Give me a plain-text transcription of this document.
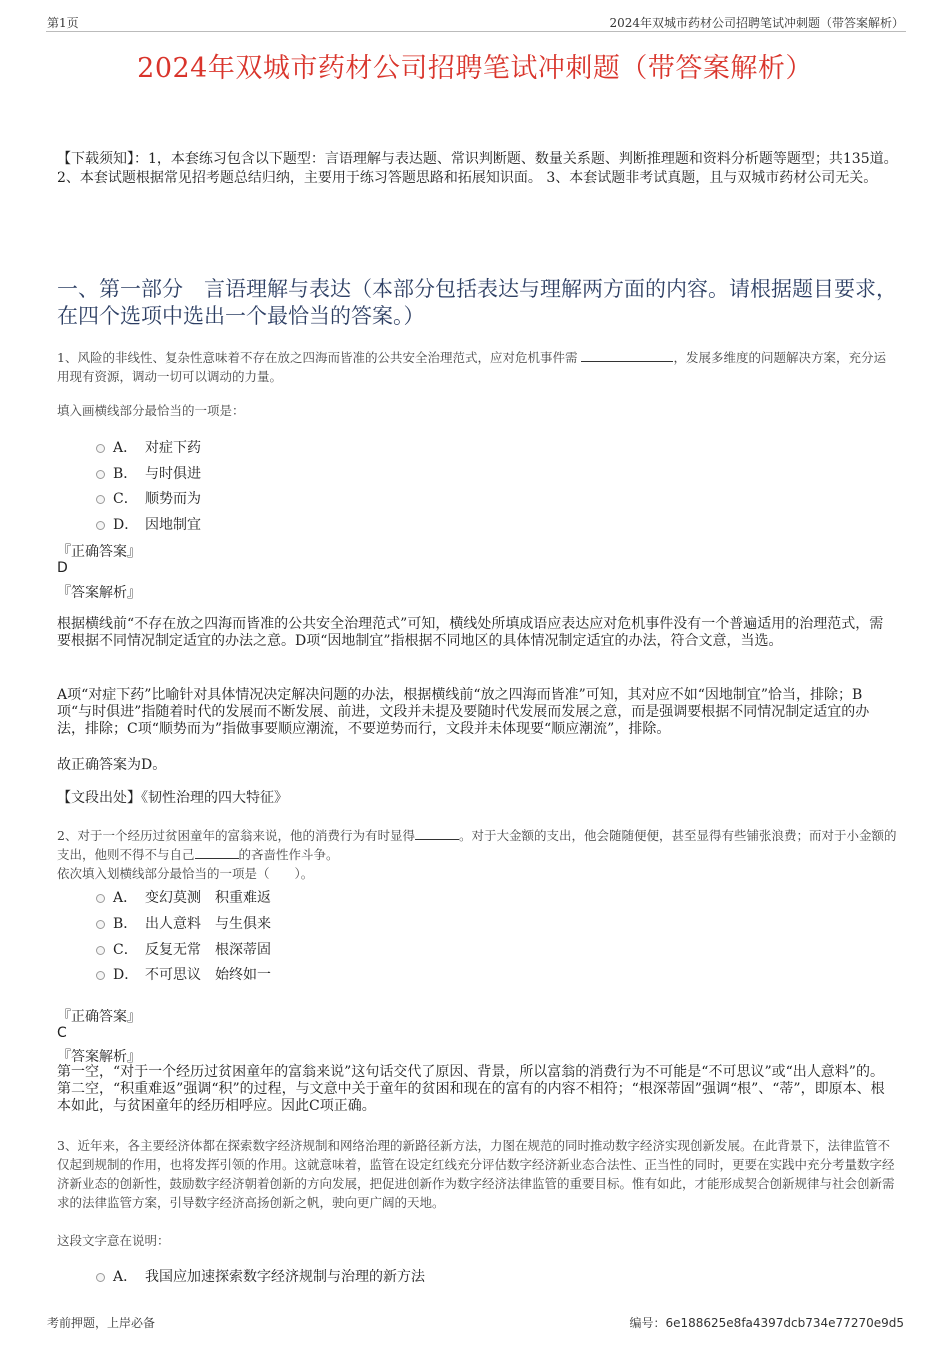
第1页	2024年双城市药材公司招聘笔试冲刺题（带答案解析）
2024年双城市药材公司招聘笔试冲刺题（带答案解析）
【下载须知】：1，本套练习包含以下题型：言语理解与表达题、常识判断题、数量关系题、判断推理题和资料分析题等题型；共135道。 2、本套试题根据常见招考题总结归纳，主要用于练习答题思路和拓展知识面。 3、本套试题非考试真题，且与双城市药材公司无关。
一、第一部分　言语理解与表达（本部分包括表达与理解两方面的内容。请根据题目要求，在四个选项中选出一个最恰当的答案。）
1、风险的非线性、复杂性意味着不存在放之四海而皆准的公共安全治理范式，应对危机事件需	，发展多维度的问题解决方案，充分运用现有资源，调动一切可以调动的力量。
填入画横线部分最恰当的一项是：
A． 对症下药
B． 与时俱进
C． 顺势而为
D． 因地制宜
『正确答案』
D
『答案解析』
根据横线前“不存在放之四海而皆准的公共安全治理范式”可知，横线处所填成语应表达应对危机事件没有一个普遍适用的治理范式，需要根据不同情况制定适宜的办法之意。D项“因地制宜”指根据不同地区的具体情况制定适宜的办法，符合文意，当选。
A项“对症下药”比喻针对具体情况决定解决问题的办法，根据横线前“放之四海而皆准”可知，其对应不如“因地制宜”恰当，排除；B项“与时俱进”指随着时代的发展而不断发展、前进，文段并未提及要随时代发展而发展之意，而是强调要根据不同情况制定适宜的办法，排除；C项“顺势而为”指做事要顺应潮流，不要逆势而行，文段并未体现要“顺应潮流”，排除。
故正确答案为D。
【文段出处】《韧性治理的四大特征》
2、对于一个经历过贫困童年的富翁来说，他的消费行为有时显得	。对于大金额的支出，他会随随便便，甚至显得有些铺张浪费；而对于小金额的支出，他则不得不与自己	的吝啬性作斗争。
依次填入划横线部分最恰当的一项是（　　）。
A． 变幻莫测　积重难返
B． 出人意料　与生俱来
C． 反复无常　根深蒂固
D． 不可思议　始终如一
『正确答案』
C
『答案解析』
第一空，“对于一个经历过贫困童年的富翁来说”这句话交代了原因、背景，所以富翁的消费行为不可能是“不可思议”或“出人意料”的。第二空，“积重难返”强调“积”的过程，与文意中关于童年的贫困和现在的富有的内容不相符；“根深蒂固”强调“根”、“蒂”，即原本、根本如此，与贫困童年的经历相呼应。因此C项正确。
3、近年来，各主要经济体都在探索数字经济规制和网络治理的新路径新方法，力图在规范的同时推动数字经济实现创新发展。在此背景下，法律监管不仅起到规制的作用，也将发挥引领的作用。这就意味着，监管在设定红线充分评估数字经济新业态合法性、正当性的同时，更要在实践中充分考量数字经济新业态的创新性，鼓励数字经济朝着创新的方向发展，把促进创新作为数字经济法律监管的重要目标。惟有如此，才能形成契合创新规律与社会创新需求的法律监管方案，引导数字经济高扬创新之帆，驶向更广阔的天地。
这段文字意在说明：
A． 我国应加速探索数字经济规制与治理的新方法
考前押题，上岸必备	编号：6e188625e8fa4397dcb734e77270e9d5
